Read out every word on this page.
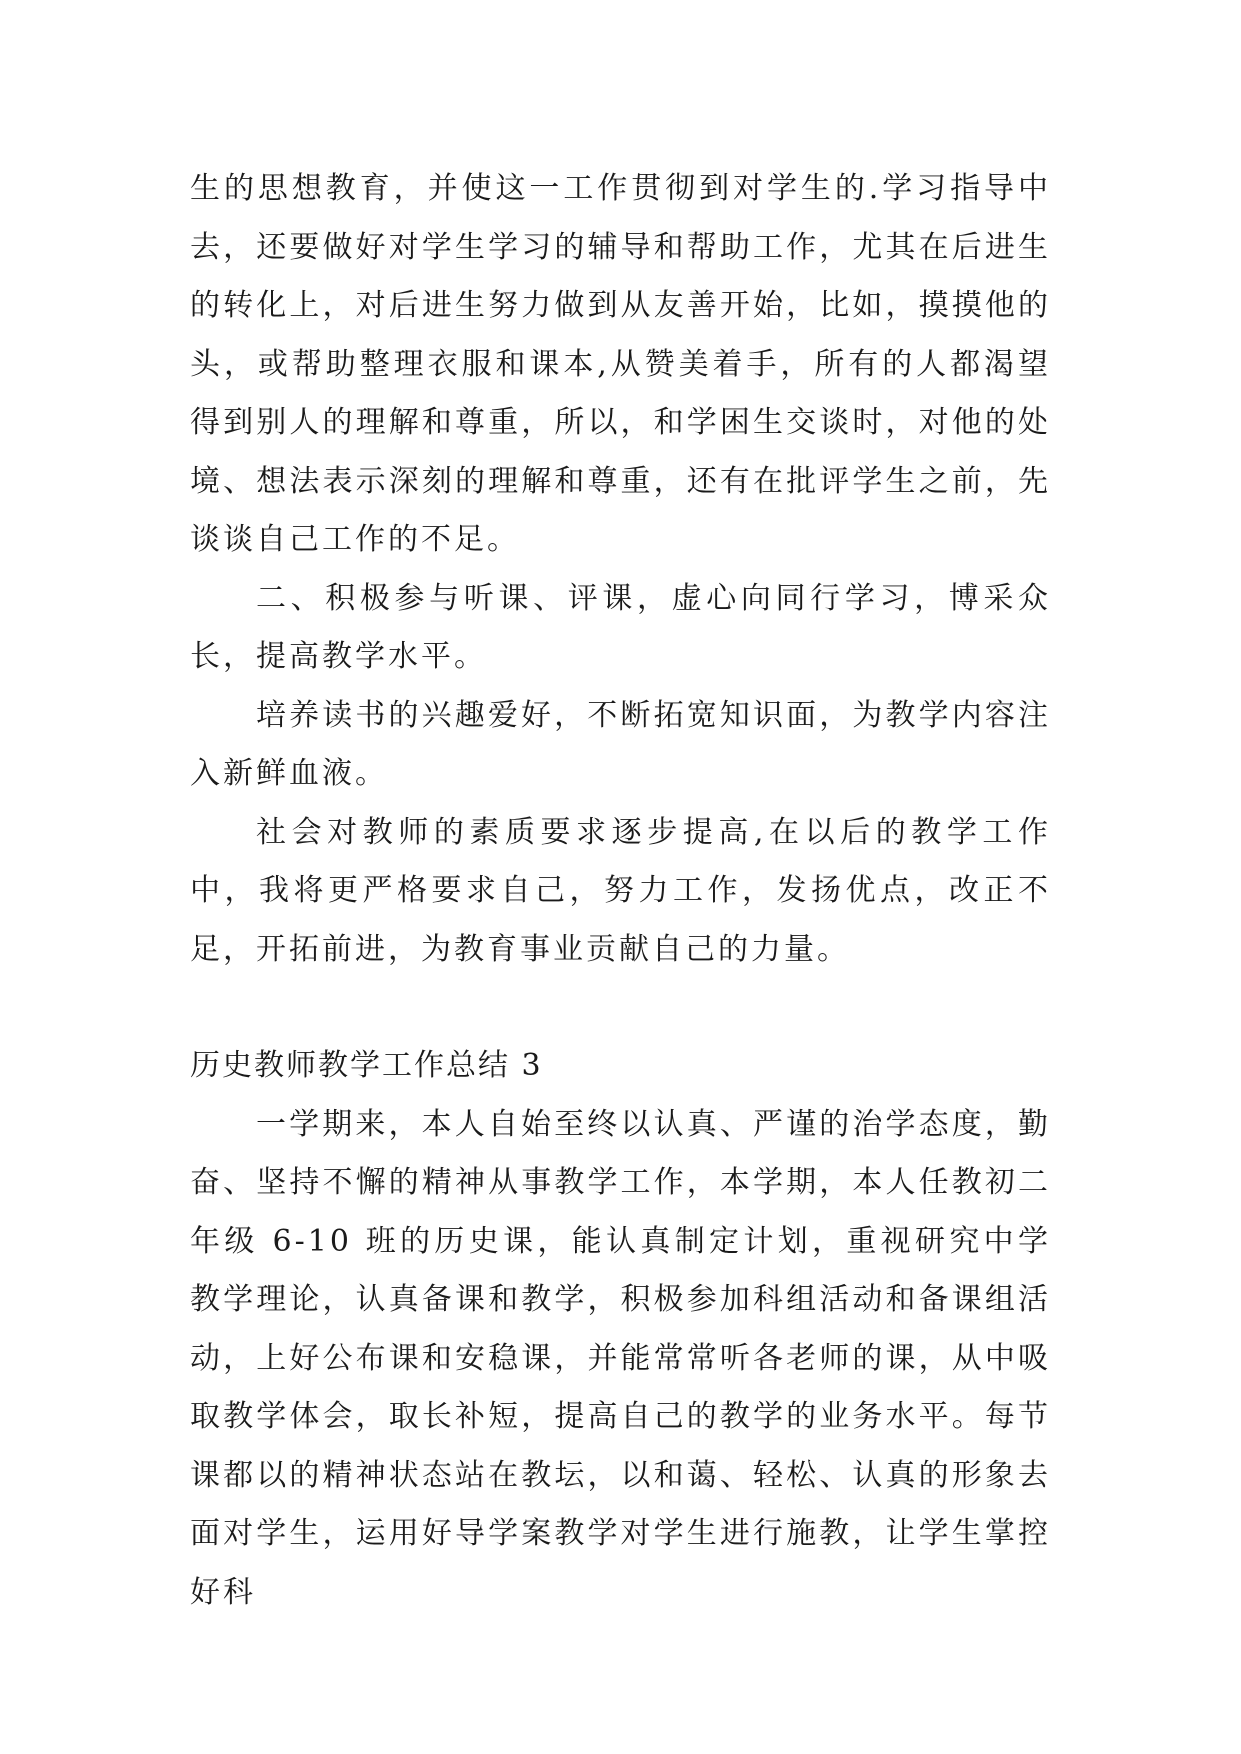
生的思想教育，并使这一工作贯彻到对学生的.学习指导中去，还要做好对学生学习的辅导和帮助工作，尤其在后进生的转化上，对后进生努力做到从友善开始，比如，摸摸他的头，或帮助整理衣服和课本,从赞美着手，所有的人都渴望得到别人的理解和尊重，所以，和学困生交谈时，对他的处境、想法表示深刻的理解和尊重，还有在批评学生之前，先谈谈自己工作的不足。

二、积极参与听课、评课，虚心向同行学习，博采众长，提高教学水平。

培养读书的兴趣爱好，不断拓宽知识面，为教学内容注入新鲜血液。

社会对教师的素质要求逐步提高,在以后的教学工作中，我将更严格要求自己，努力工作，发扬优点，改正不足，开拓前进，为教育事业贡献自己的力量。

历史教师教学工作总结 3

一学期来，本人自始至终以认真、严谨的治学态度，勤奋、坚持不懈的精神从事教学工作，本学期，本人任教初二年级 6-10 班的历史课，能认真制定计划，重视研究中学教学理论，认真备课和教学，积极参加科组活动和备课组活动，上好公布课和安稳课，并能常常听各老师的课，从中吸取教学体会，取长补短，提高自己的教学的业务水平。每节课都以的精神状态站在教坛，以和蔼、轻松、认真的形象去面对学生，运用好导学案教学对学生进行施教，让学生掌控好科
